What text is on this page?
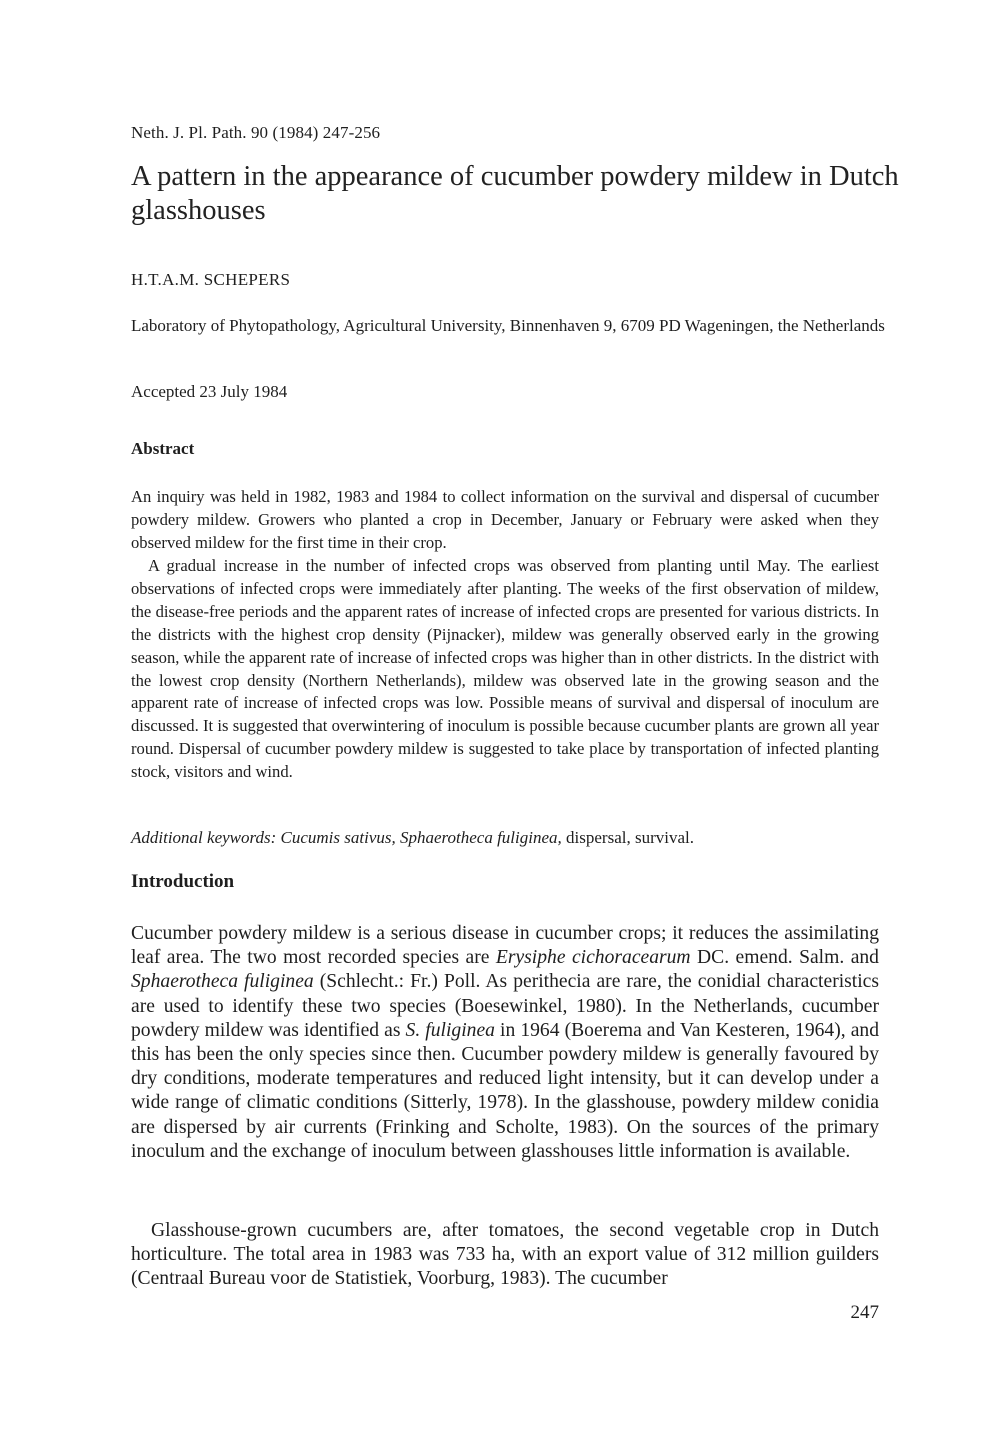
Neth. J. Pl. Path. 90 (1984) 247-256
A pattern in the appearance of cucumber powdery mildew in Dutch glasshouses
H.T.A.M. SCHEPERS
Laboratory of Phytopathology, Agricultural University, Binnenhaven 9, 6709 PD Wageningen, the Netherlands
Accepted 23 July 1984
Abstract

An inquiry was held in 1982, 1983 and 1984 to collect information on the survival and dispersal of cucumber powdery mildew. Growers who planted a crop in December, January or February were asked when they observed mildew for the first time in their crop.

A gradual increase in the number of infected crops was observed from planting until May. The earliest observations of infected crops were immediately after planting. The weeks of the first observation of mildew, the disease-free periods and the apparent rates of increase of infected crops are presented for various districts. In the districts with the highest crop density (Pijnacker), mildew was generally observed early in the growing season, while the apparent rate of increase of infected crops was higher than in other districts. In the district with the lowest crop density (Northern Netherlands), mildew was observed late in the growing season and the apparent rate of increase of infected crops was low. Possible means of survival and dispersal of inoculum are discussed. It is suggested that overwintering of inoculum is possible because cucumber plants are grown all year round. Dispersal of cucumber powdery mildew is suggested to take place by transportation of infected planting stock, visitors and wind.

Additional keywords: Cucumis sativus, Sphaerotheca fuliginea, dispersal, survival.
Introduction

Cucumber powdery mildew is a serious disease in cucumber crops; it reduces the assimilating leaf area. The two most recorded species are Erysiphe cichoracearum DC. emend. Salm. and Sphaerotheca fuliginea (Schlecht.: Fr.) Poll. As perithecia are rare, the conidial characteristics are used to identify these two species (Boesewinkel, 1980). In the Netherlands, cucumber powdery mildew was identified as S. fuliginea in 1964 (Boerema and Van Kesteren, 1964), and this has been the only species since then. Cucumber powdery mildew is generally favoured by dry conditions, moderate temperatures and reduced light intensity, but it can develop under a wide range of climatic conditions (Sitterly, 1978). In the glasshouse, powdery mildew conidia are dispersed by air currents (Frinking and Scholte, 1983). On the sources of the primary inoculum and the exchange of inoculum between glasshouses little information is available.

Glasshouse-grown cucumbers are, after tomatoes, the second vegetable crop in Dutch horticulture. The total area in 1983 was 733 ha, with an export value of 312 million guilders (Centraal Bureau voor de Statistiek, Voorburg, 1983). The cucumber

247
